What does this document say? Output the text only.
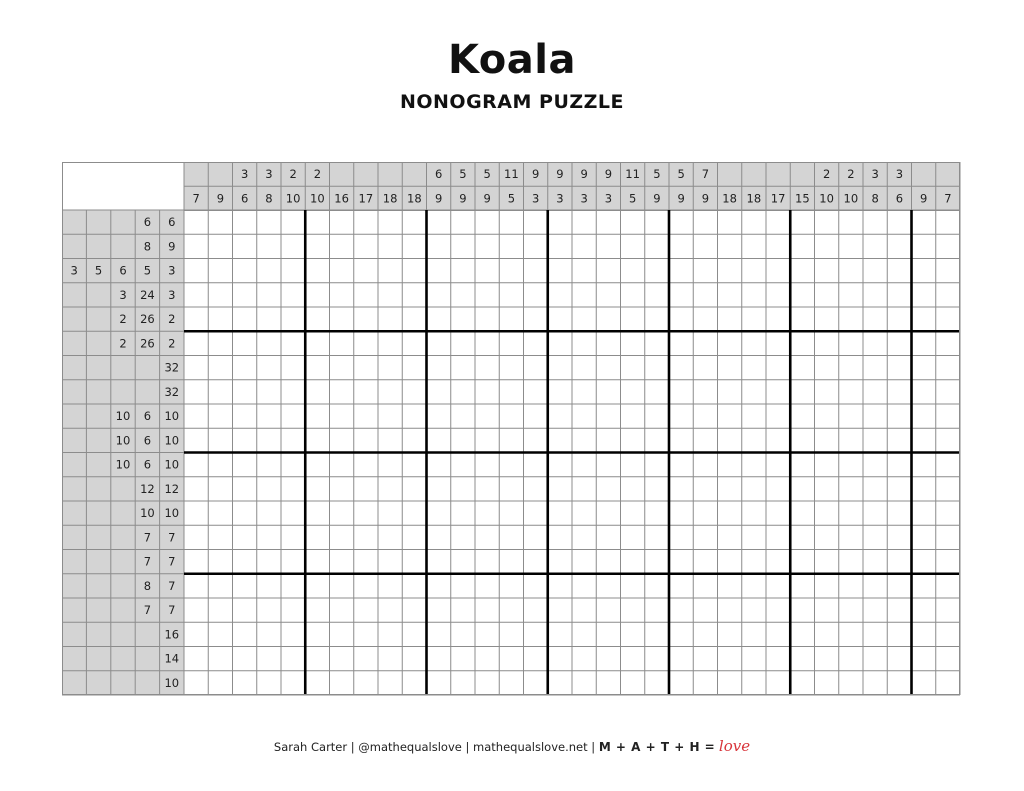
Koala
NONOGRAM PUZZLE
7 9
3
6
3
8
2
10
2
10 16 17 18 18
6
9
5
9
5
9
11
5
9
3
9
3
9
3
9
3
11
5
5
9
5
9
7
9 18 18 17 15
2
10
2
10
3
8
3
6 9 7
6 6
8 9
3 5 6 5 3
3 24 3
2 26 2
2 26 2
32
32
10 6 10
10 6 10
10 6 10
12 12
10 10
7 7
7 7
8 7
7 7
16
14
10
Sarah Carter | @mathequalslove | mathequalslove.net | M + A + T + H = love
